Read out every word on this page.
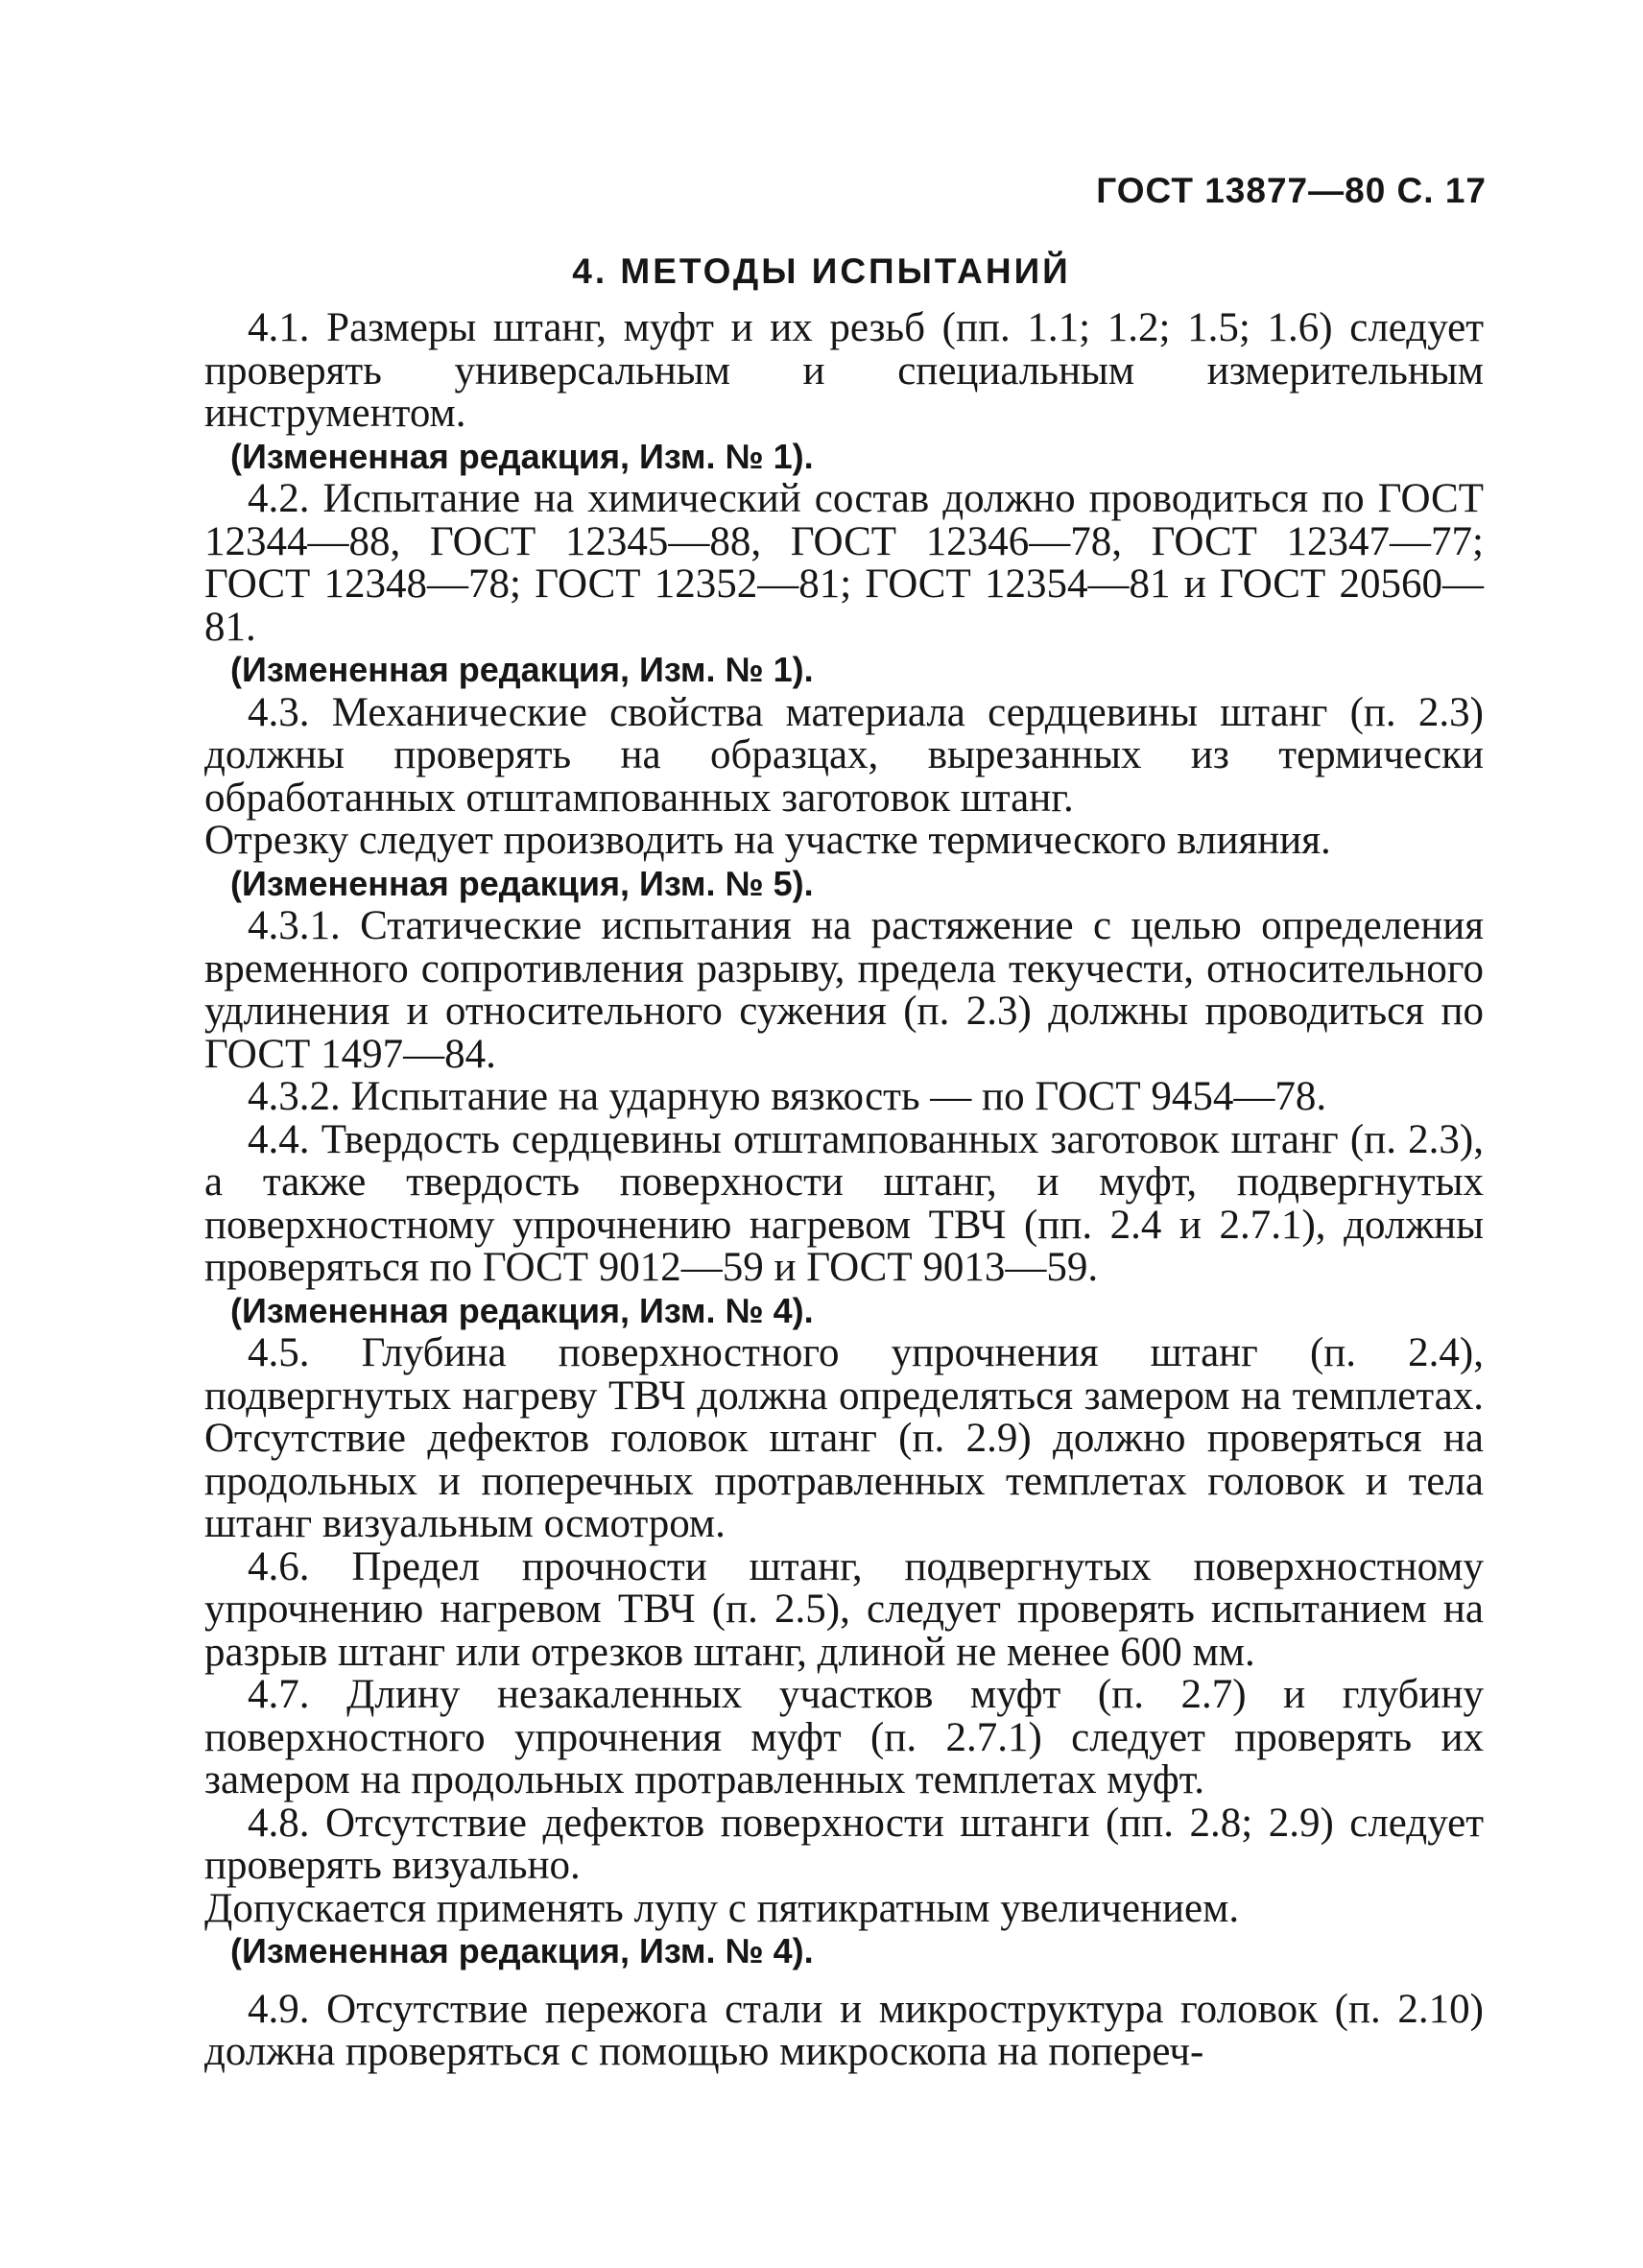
ГОСТ 13877—80 С. 17
4. МЕТОДЫ ИСПЫТАНИЙ

4.1. Размеры штанг, муфт и их резьб (пп. 1.1; 1.2; 1.5; 1.6) следует проверять универсальным и специальным измерительным инструментом.

(Измененная редакция, Изм. № 1).

4.2. Испытание на химический состав должно проводиться по ГОСТ 12344—88, ГОСТ 12345—88, ГОСТ 12346—78, ГОСТ 12347—77; ГОСТ 12348—78; ГОСТ 12352—81; ГОСТ 12354—81 и ГОСТ 20560—81.

(Измененная редакция, Изм. № 1).

4.3. Механические свойства материала сердцевины штанг (п. 2.3) должны проверять на образцах, вырезанных из термически обработанных отштампованных заготовок штанг.

Отрезку следует производить на участке термического влияния.

(Измененная редакция, Изм. № 5).

4.3.1. Статические испытания на растяжение с целью определения временного сопротивления разрыву, предела текучести, относительного удлинения и относительного сужения (п. 2.3) должны проводиться по ГОСТ 1497—84.

4.3.2. Испытание на ударную вязкость — по ГОСТ 9454—78.

4.4. Твердость сердцевины отштампованных заготовок штанг (п. 2.3), а также твердость поверхности штанг, и муфт, подвергнутых поверхностному упрочнению нагревом ТВЧ (пп. 2.4 и 2.7.1), должны проверяться по ГОСТ 9012—59 и ГОСТ 9013—59.

(Измененная редакция, Изм. № 4).

4.5. Глубина поверхностного упрочнения штанг (п. 2.4), подвергнутых нагреву ТВЧ должна определяться замером на темплетах. Отсутствие дефектов головок штанг (п. 2.9) должно проверяться на продольных и поперечных протравленных темплетах головок и тела штанг визуальным осмотром.

4.6. Предел прочности штанг, подвергнутых поверхностному упрочнению нагревом ТВЧ (п. 2.5), следует проверять испытанием на разрыв штанг или отрезков штанг, длиной не менее 600 мм.

4.7. Длину незакаленных участков муфт (п. 2.7) и глубину поверхностного упрочнения муфт (п. 2.7.1) следует проверять их замером на продольных протравленных темплетах муфт.

4.8. Отсутствие дефектов поверхности штанги (пп. 2.8; 2.9) следует проверять визуально.

Допускается применять лупу с пятикратным увеличением.

(Измененная редакция, Изм. № 4).

4.9. Отсутствие пережога стали и микроструктура головок (п. 2.10) должна проверяться с помощью микроскопа на попереч-
